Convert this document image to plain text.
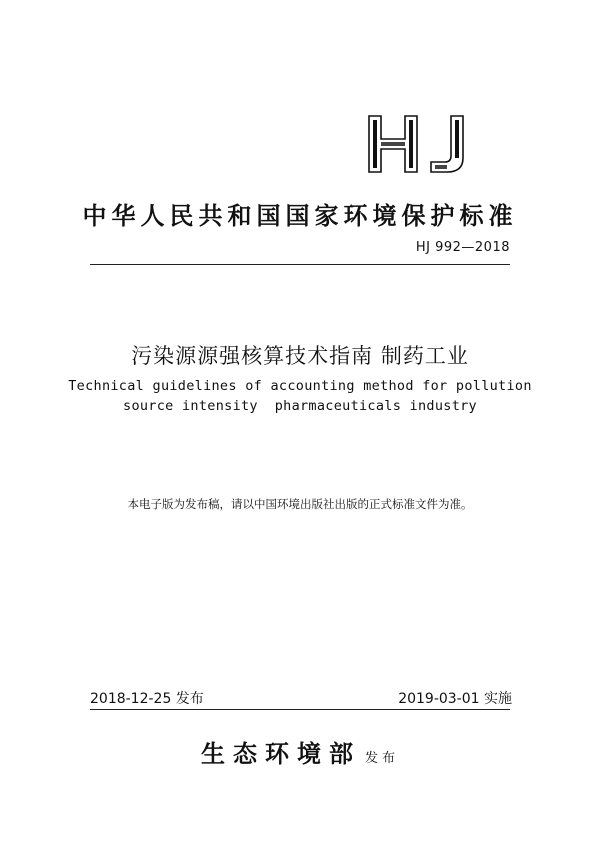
中华人民共和国国家环境保护标准
HJ 992—2018
污染源源强核算技术指南 制药工业
Technical guidelines of accounting method for pollution
source intensity  pharmaceuticals industry
本电子版为发布稿，请以中国环境出版社出版的正式标准文件为准。
2018-12-25 发布	2019-03-01 实施
生态环境部 发布
